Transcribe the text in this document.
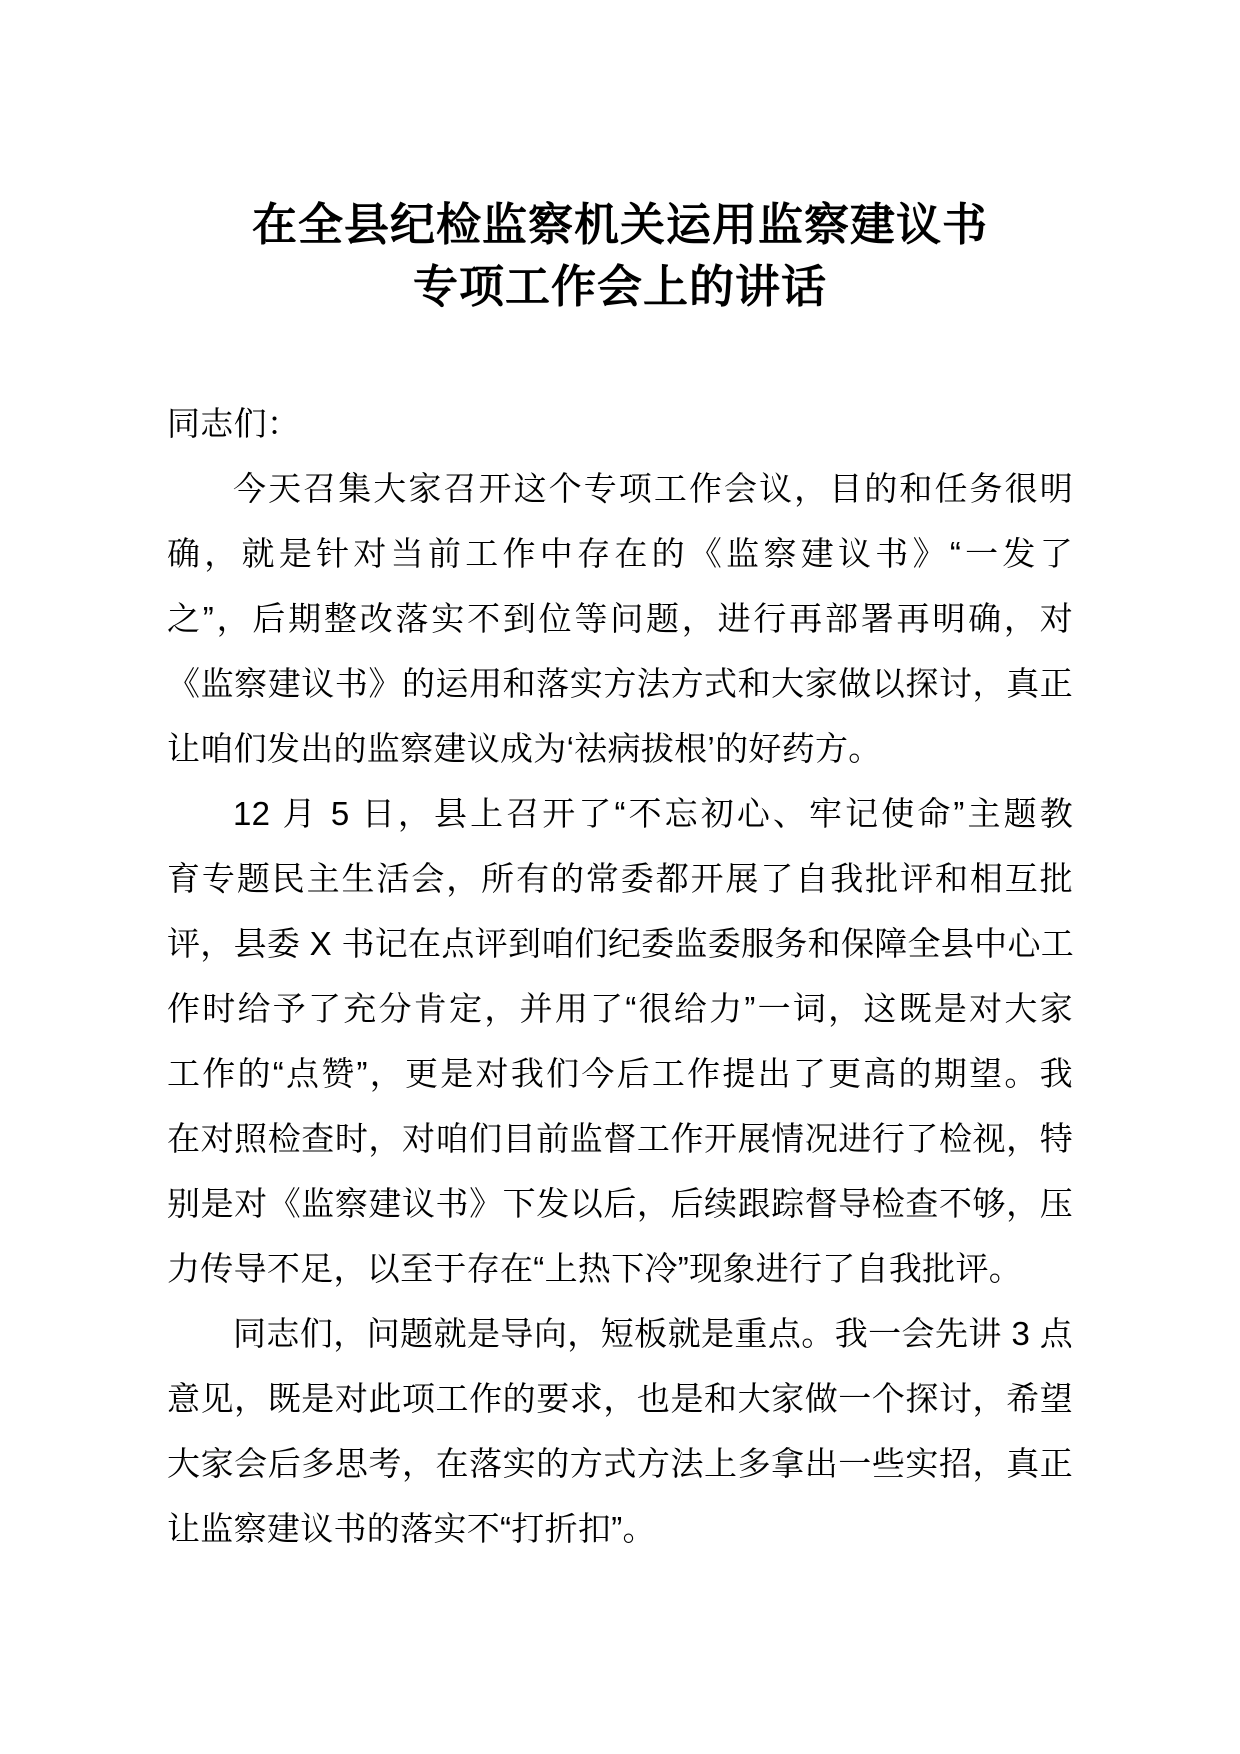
在全县纪检监察机关运用监察建议书
专项工作会上的讲话
同志们：
今天召集大家召开这个专项工作会议，目的和任务很明
确，就是针对当前工作中存在的《监察建议书》“一发了
之”，后期整改落实不到位等问题，进行再部署再明确，对
《监察建议书》的运用和落实方法方式和大家做以探讨，真正
让咱们发出的监察建议成为‘祛病拔根’的好药方。
12 月 5 日，县上召开了“不忘初心、牢记使命”主题教
育专题民主生活会，所有的常委都开展了自我批评和相互批
评，县委 X 书记在点评到咱们纪委监委服务和保障全县中心工
作时给予了充分肯定，并用了“很给力”一词，这既是对大家
工作的“点赞”，更是对我们今后工作提出了更高的期望。我
在对照检查时，对咱们目前监督工作开展情况进行了检视，特
别是对《监察建议书》下发以后，后续跟踪督导检查不够，压
力传导不足，以至于存在“上热下冷”现象进行了自我批评。
同志们，问题就是导向，短板就是重点。我一会先讲 3 点
意见，既是对此项工作的要求，也是和大家做一个探讨，希望
大家会后多思考，在落实的方式方法上多拿出一些实招，真正
让监察建议书的落实不“打折扣”。
